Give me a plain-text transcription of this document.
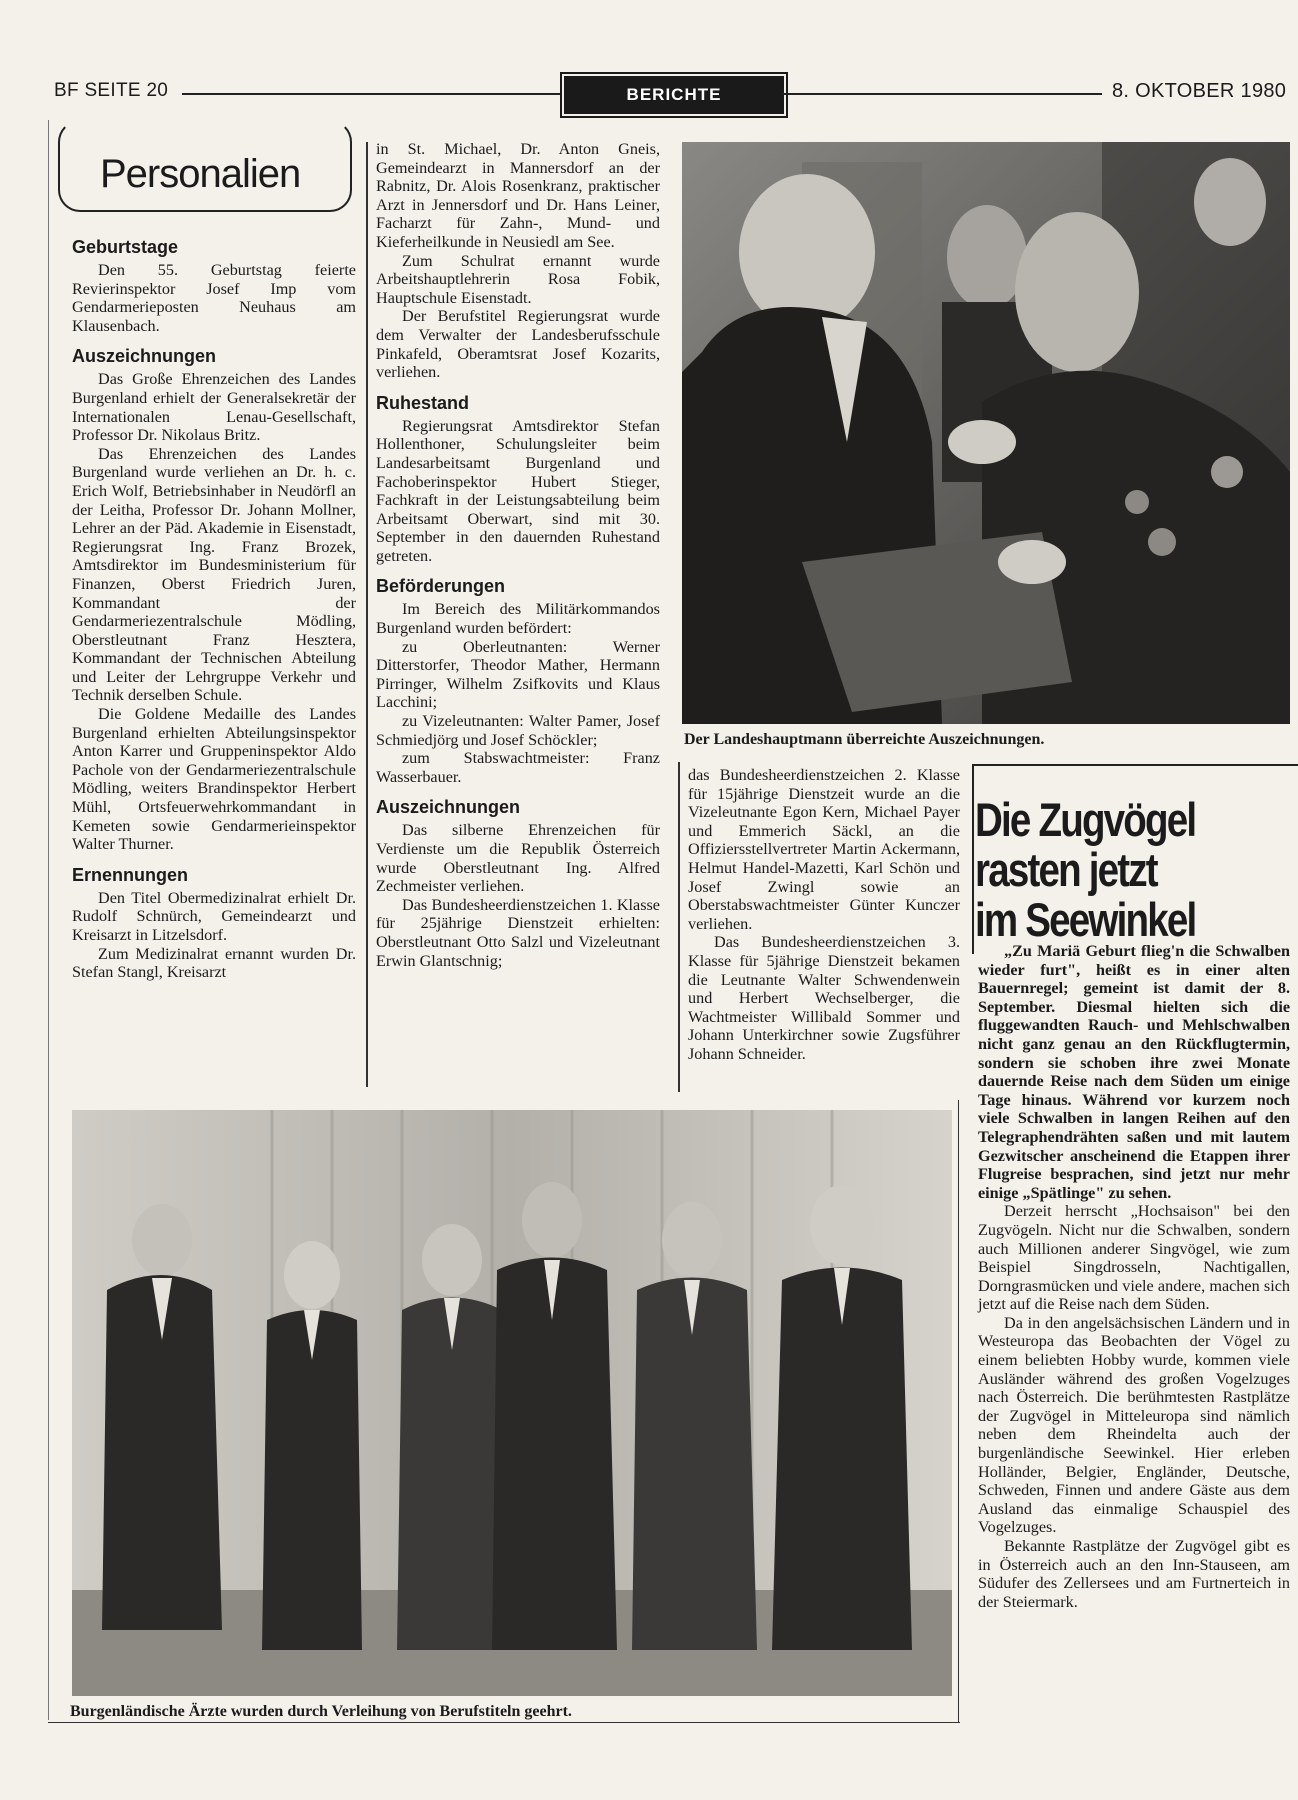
BF SEITE 20	BERICHTE	8. OKTOBER 1980
Personalien
Geburtstage

Den 55. Geburtstag feierte Revierinspektor Josef Imp vom Gendarmerieposten Neuhaus am Klausenbach.

Auszeichnungen

Das Große Ehrenzeichen des Landes Burgenland erhielt der Generalsekretär der Internationalen Lenau-Gesellschaft, Professor Dr. Nikolaus Britz.

Das Ehrenzeichen des Landes Burgenland wurde verliehen an Dr. h. c. Erich Wolf, Betriebsinhaber in Neudörfl an der Leitha, Professor Dr. Johann Mollner, Lehrer an der Päd. Akademie in Eisenstadt, Regierungsrat Ing. Franz Brozek, Amtsdirektor im Bundesministerium für Finanzen, Oberst Friedrich Juren, Kommandant der Gendarmeriezentralschule Mödling, Oberstleutnant Franz Hesztera, Kommandant der Technischen Abteilung und Leiter der Lehrgruppe Verkehr und Technik derselben Schule.

Die Goldene Medaille des Landes Burgenland erhielten Abteilungsinspektor Anton Karrer und Gruppeninspektor Aldo Pachole von der Gendarmeriezentralschule Mödling, weiters Brandinspektor Herbert Mühl, Ortsfeuerwehrkommandant in Kemeten sowie Gendarmerieinspektor Walter Thurner.

Ernennungen

Den Titel Obermedizinalrat erhielt Dr. Rudolf Schnürch, Gemeindearzt und Kreisarzt in Litzelsdorf.

Zum Medizinalrat ernannt wurden Dr. Stefan Stangl, Kreisarzt

in St. Michael, Dr. Anton Gneis, Gemeindearzt in Mannersdorf an der Rabnitz, Dr. Alois Rosenkranz, praktischer Arzt in Jennersdorf und Dr. Hans Leiner, Facharzt für Zahn-, Mund- und Kieferheilkunde in Neusiedl am See.

Zum Schulrat ernannt wurde Arbeitshauptlehrerin Rosa Fobik, Hauptschule Eisenstadt.

Der Berufstitel Regierungsrat wurde dem Verwalter der Landesberufsschule Pinkafeld, Oberamtsrat Josef Kozarits, verliehen.

Ruhestand

Regierungsrat Amtsdirektor Stefan Hollenthoner, Schulungsleiter beim Landesarbeitsamt Burgenland und Fachoberinspektor Hubert Stieger, Fachkraft in der Leistungsabteilung beim Arbeitsamt Oberwart, sind mit 30. September in den dauernden Ruhestand getreten.

Beförderungen

Im Bereich des Militärkommandos Burgenland wurden befördert:

zu Oberleutnanten: Werner Ditterstorfer, Theodor Mather, Hermann Pirringer, Wilhelm Zsifkovits und Klaus Lacchini;

zu Vizeleutnanten: Walter Pamer, Josef Schmiedjörg und Josef Schöckler;

zum Stabswachtmeister: Franz Wasserbauer.

Auszeichnungen

Das silberne Ehrenzeichen für Verdienste um die Republik Österreich wurde Oberstleutnant Ing. Alfred Zechmeister verliehen.

Das Bundesheerdienstzeichen 1. Klasse für 25jährige Dienstzeit erhielten: Oberstleutnant Otto Salzl und Vizeleutnant Erwin Glantschnig;

Der Landeshauptmann überreichte Auszeichnungen.

das Bundesheerdienstzeichen 2. Klasse für 15jährige Dienstzeit wurde an die Vizeleutnante Egon Kern, Michael Payer und Emmerich Säckl, an die Offiziersstellvertreter Martin Ackermann, Helmut Handel-Mazetti, Karl Schön und Josef Zwingl sowie an Oberstabswachtmeister Günter Kunczer verliehen.

Das Bundesheerdienstzeichen 3. Klasse für 5jährige Dienstzeit bekamen die Leutnante Walter Schwendenwein und Herbert Wechselberger, die Wachtmeister Willibald Sommer und Johann Unterkirchner sowie Zugsführer Johann Schneider.

Die Zugvögel
rasten jetzt
im Seewinkel

„Zu Mariä Geburt flieg'n die Schwalben wieder furt", heißt es in einer alten Bauernregel; gemeint ist damit der 8. September. Diesmal hielten sich die fluggewandten Rauch- und Mehlschwalben nicht ganz genau an den Rückflugtermin, sondern sie schoben ihre zwei Monate dauernde Reise nach dem Süden um einige Tage hinaus. Während vor kurzem noch viele Schwalben in langen Reihen auf den Telegraphendrähten saßen und mit lautem Gezwitscher anscheinend die Etappen ihrer Flugreise besprachen, sind jetzt nur mehr einige „Spätlinge" zu sehen.

Derzeit herrscht „Hochsaison" bei den Zugvögeln. Nicht nur die Schwalben, sondern auch Millionen anderer Singvögel, wie zum Beispiel Singdrosseln, Nachtigallen, Dorngrasmücken und viele andere, machen sich jetzt auf die Reise nach dem Süden.

Da in den angelsächsischen Ländern und in Westeuropa das Beobachten der Vögel zu einem beliebten Hobby wurde, kommen viele Ausländer während des großen Vogelzuges nach Österreich. Die berühmtesten Rastplätze der Zugvögel in Mitteleuropa sind nämlich neben dem Rheindelta auch der burgenländische Seewinkel. Hier erleben Holländer, Belgier, Engländer, Deutsche, Schweden, Finnen und andere Gäste aus dem Ausland das einmalige Schauspiel des Vogelzuges.

Bekannte Rastplätze der Zugvögel gibt es in Österreich auch an den Inn-Stauseen, am Südufer des Zellersees und am Furtnerteich in der Steiermark.

Burgenländische Ärzte wurden durch Verleihung von Berufstiteln geehrt.
